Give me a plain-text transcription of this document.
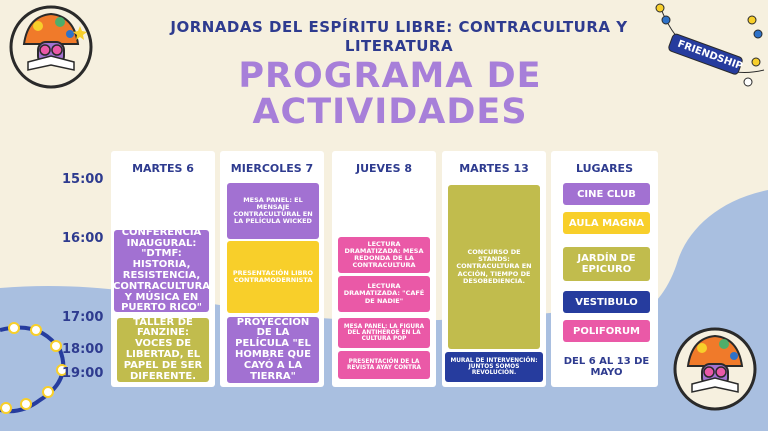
FRIENDSHIP
JORNADAS DEL ESPÍRITU LIBRE: CONTRACULTURA Y LITERATURA
PROGRAMA DE ACTIVIDADES
15:00
16:00
17:00
18:00
19:00
MARTES 6
CONFERENCIA INAUGURAL: "DTMF: HISTORIA, RESISTENCIA, CONTRACULTURA Y MÚSICA EN PUERTO RICO"
TALLER DE FANZINE: VOCES DE LIBERTAD, EL PAPEL DE SER DIFERENTE.
MIERCOLES 7
MESA PANEL: EL MENSAJE CONTRACULTURAL EN LA PELÍCULA WICKED
PRESENTACIÓN LIBRO CONTRAMODERNISTA
PROYECCIÓN DE LA PELÍCULA "EL HOMBRE QUE CAYÓ A LA TIERRA"
JUEVES 8
LECTURA DRAMATIZADA: MESA REDONDA DE LA CONTRACULTURA
LECTURA DRAMATIZADA: "CAFÉ DE NADIE"
MESA PANEL: LA FIGURA DEL ANTIHÉROE EN LA CULTURA POP
PRESENTACIÓN DE LA REVISTA AYAY CONTRA
MARTES 13
CONCURSO DE STANDS: CONTRACULTURA EN ACCIÓN, TIEMPO DE DESOBEDIENCIA.
MURAL DE INTERVENCIÓN: JUNTOS SOMOS REVOLUCIÓN.
LUGARES
CINE CLUB
AULA MAGNA
JARDÍN DE EPICURO
VESTIBULO
POLIFORUM
DEL 6 AL 13 DE MAYO
